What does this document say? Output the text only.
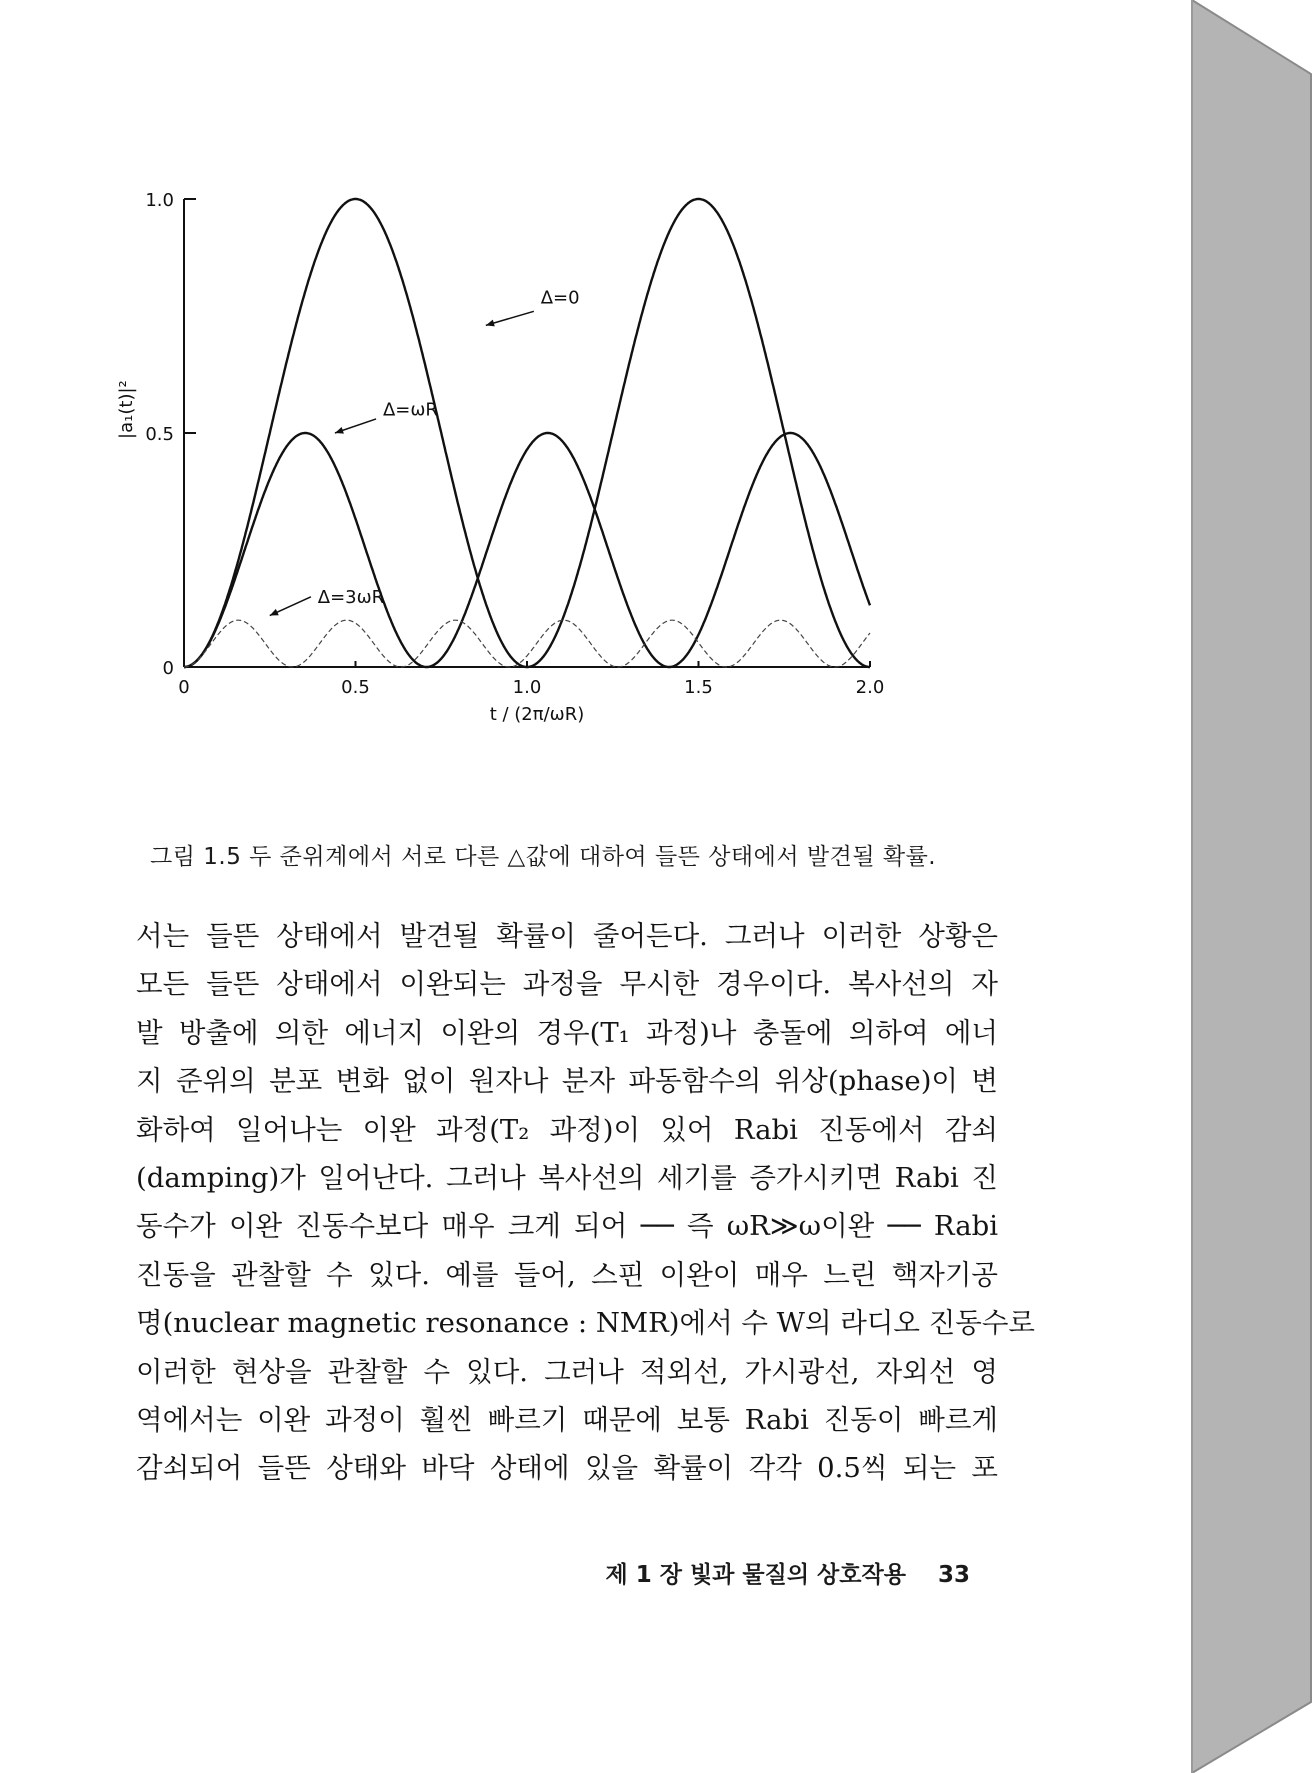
0
0.5
1.0
0	0.5	1.0	1.5	2.0
t / (2π/ωR)
|a₁(t)|²
Δ=0
Δ=ωR
Δ=3ωR
그림 1.5 두 준위계에서 서로 다른 △값에 대하여 들뜬 상태에서 발견될 확률.
서는 들뜬 상태에서 발견될 확률이 줄어든다. 그러나 이러한 상황은
모든 들뜬 상태에서 이완되는 과정을 무시한 경우이다. 복사선의 자
발 방출에 의한 에너지 이완의 경우(T₁ 과정)나 충돌에 의하여 에너
지 준위의 분포 변화 없이 원자나 분자 파동함수의 위상(phase)이 변
화하여 일어나는 이완 과정(T₂ 과정)이 있어 Rabi 진동에서 감쇠
(damping)가 일어난다. 그러나 복사선의 세기를 증가시키면 Rabi 진
동수가 이완 진동수보다 매우 크게 되어 ── 즉 ωR≫ω이완 ── Rabi
진동을 관찰할 수 있다. 예를 들어, 스핀 이완이 매우 느린 핵자기공
명(nuclear magnetic resonance : NMR)에서 수 W의 라디오 진동수로
이러한 현상을 관찰할 수 있다. 그러나 적외선, 가시광선, 자외선 영
역에서는 이완 과정이 훨씬 빠르기 때문에 보통 Rabi 진동이 빠르게
감쇠되어 들뜬 상태와 바닥 상태에 있을 확률이 각각 0.5씩 되는 포
제 1 장 빛과 물질의 상호작용 33
